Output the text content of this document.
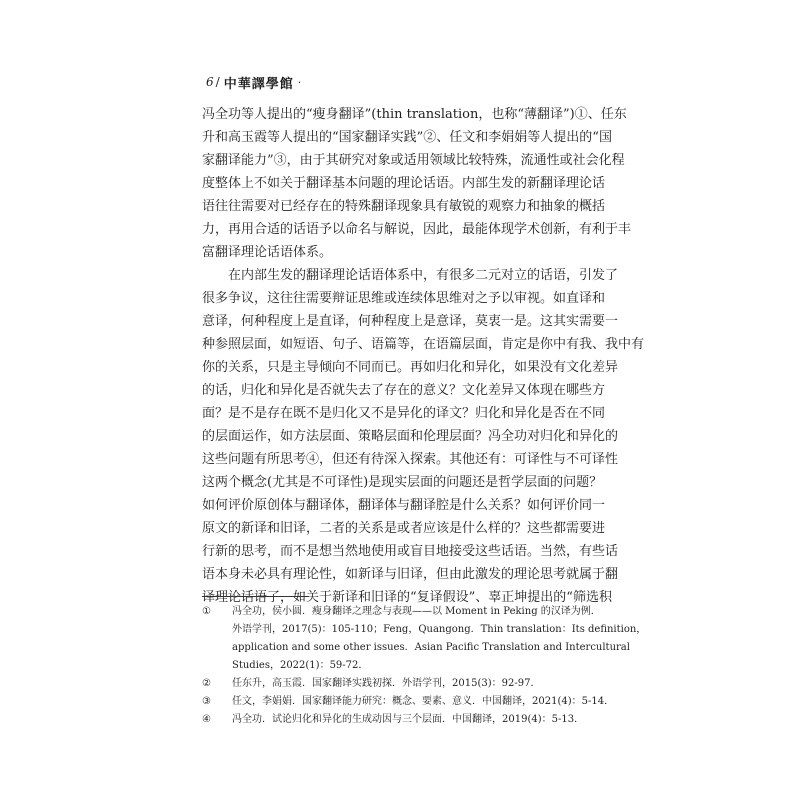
6 / 中華譯學館 ·
冯全功等人提出的“瘦身翻译”(thin translation，也称“薄翻译”)①、任东
升和高玉霞等人提出的“国家翻译实践”②、任文和李娟娟等人提出的“国
家翻译能力”③，由于其研究对象或适用领域比较特殊，流通性或社会化程
度整体上不如关于翻译基本问题的理论话语。内部生发的新翻译理论话
语往往需要对已经存在的特殊翻译现象具有敏锐的观察力和抽象的概括
力，再用合适的话语予以命名与解说，因此，最能体现学术创新，有利于丰
富翻译理论话语体系。
在内部生发的翻译理论话语体系中，有很多二元对立的话语，引发了
很多争议，这往往需要辩证思维或连续体思维对之予以审视。如直译和
意译，何种程度上是直译，何种程度上是意译，莫衷一是。这其实需要一
种参照层面，如短语、句子、语篇等，在语篇层面，肯定是你中有我、我中有
你的关系，只是主导倾向不同而已。再如归化和异化，如果没有文化差异
的话，归化和异化是否就失去了存在的意义？文化差异又体现在哪些方
面？是不是存在既不是归化又不是异化的译文？归化和异化是否在不同
的层面运作，如方法层面、策略层面和伦理层面？冯全功对归化和异化的
这些问题有所思考④，但还有待深入探索。其他还有：可译性与不可译性
这两个概念(尤其是不可译性)是现实层面的问题还是哲学层面的问题？
如何评价原创体与翻译体，翻译体与翻译腔是什么关系？如何评价同一
原文的新译和旧译，二者的关系是或者应该是什么样的？这些都需要进
行新的思考，而不是想当然地使用或盲目地接受这些话语。当然，有些话
语本身未必具有理论性，如新译与旧译，但由此激发的理论思考就属于翻
译理论话语了，如关于新译和旧译的“复译假设”、辜正坤提出的“筛选积
①	冯全功，侯小圆．瘦身翻译之理念与表现——以 Moment in Peking 的汉译为例．
外语学刊，2017(5)：105-110；Feng，Quangong．Thin translation：Its definition，
application and some other issues．Asian Pacific Translation and Intercultural
Studies，2022(1)：59-72．
②	任东升，高玉霞．国家翻译实践初探．外语学刊，2015(3)：92-97．
③	任文，李娟娟．国家翻译能力研究：概念、要素、意义．中国翻译，2021(4)：5-14．
④	冯全功．试论归化和异化的生成动因与三个层面．中国翻译，2019(4)：5-13．
